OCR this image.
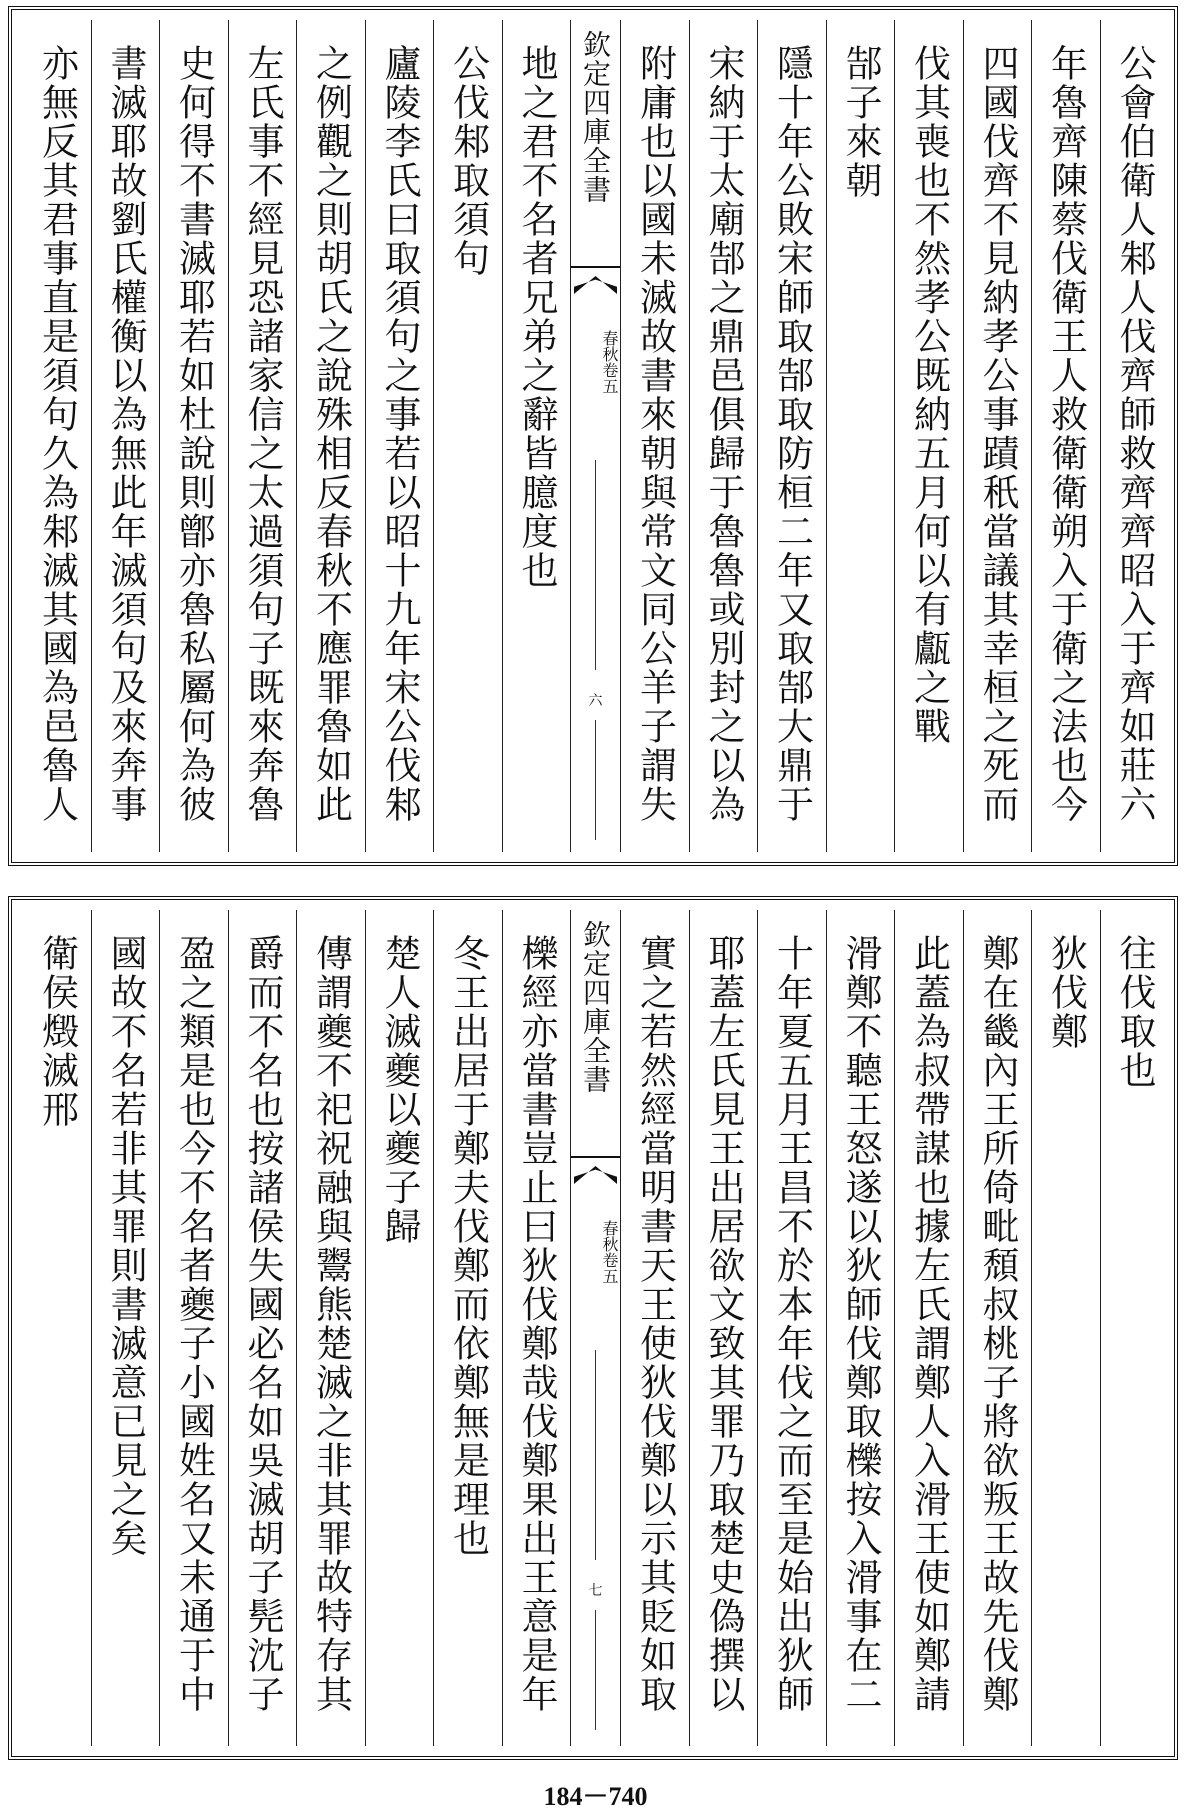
公會伯衛人邾人伐齊師救齊齊昭入于齊如莊六
年魯齊陳蔡伐衛王人救衛衛朔入于衛之法也今
四國伐齊不見納孝公事蹟秖當議其幸桓之死而
伐其喪也不然孝公既納五月何以有甗之戰
郜子來朝
隱十年公敗宋師取郜取防桓二年又取郜大鼎于
宋納于太廟郜之鼎邑俱歸于魯魯或別封之以為
附庸也以國未滅故書來朝與常文同公羊子謂失
欽定四庫全書
春秋
卷五
六
地之君不名者兄弟之辭皆臆度也
公伐邾取須句
廬陵李氏曰取須句之事若以昭十九年宋公伐邾
之例觀之則胡氏之說殊相反春秋不應罪魯如此
左氏事不經見恐諸家信之太過須句子既來奔魯
史何得不書滅耶若如杜說則鄫亦魯私屬何為彼
書滅耶故劉氏權衡以為無此年滅須句及來奔事
亦無反其君事直是須句久為邾滅其國為邑魯人
往伐取也
狄伐鄭
鄭在畿內王所倚毗頹叔桃子將欲叛王故先伐鄭
此蓋為叔帶謀也據左氏謂鄭人入滑王使如鄭請
滑鄭不聽王怒遂以狄師伐鄭取櫟按入滑事在二
十年夏五月王昌不於本年伐之而至是始出狄師
耶蓋左氏見王出居欲文致其罪乃取楚史偽撰以
實之若然經當明書天王使狄伐鄭以示其貶如取
欽定四庫全書
春秋
卷五
七
櫟經亦當書豈止曰狄伐鄭哉伐鄭果出王意是年
冬王出居于鄭夫伐鄭而依鄭無是理也
楚人滅夔以夔子歸
傳謂夔不祀祝融與鬻熊楚滅之非其罪故特存其
爵而不名也按諸侯失國必名如吳滅胡子髡沈子
盈之類是也今不名者夔子小國姓名又未通于中
國故不名若非其罪則書滅意已見之矣
衛侯燬滅邢
184－740
